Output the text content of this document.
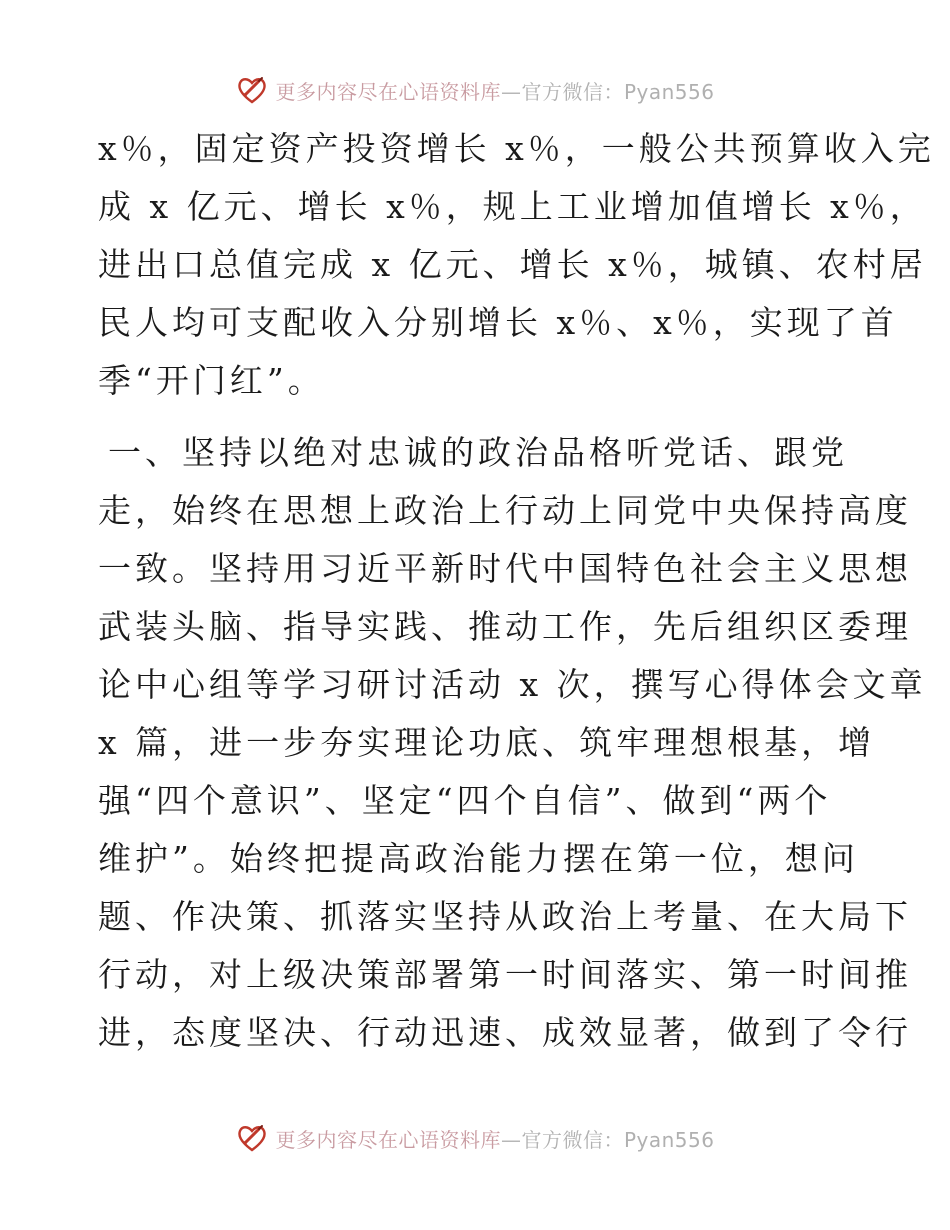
更多内容尽在心语资料库—官方微信：Pyan556
x％，固定资产投资增长 x％，一般公共预算收入完
成 x 亿元、增长 x％，规上工业增加值增长 x％，
进出口总值完成 x 亿元、增长 x％，城镇、农村居
民人均可支配收入分别增长 x％、x％，实现了首
季“开门红”。
一、坚持以绝对忠诚的政治品格听党话、跟党
走，始终在思想上政治上行动上同党中央保持高度
一致。坚持用习近平新时代中国特色社会主义思想
武装头脑、指导实践、推动工作，先后组织区委理
论中心组等学习研讨活动 x 次，撰写心得体会文章
x 篇，进一步夯实理论功底、筑牢理想根基，增
强“四个意识”、坚定“四个自信”、做到“两个
维护”。始终把提高政治能力摆在第一位，想问
题、作决策、抓落实坚持从政治上考量、在大局下
行动，对上级决策部署第一时间落实、第一时间推
进，态度坚决、行动迅速、成效显著，做到了令行
更多内容尽在心语资料库—官方微信：Pyan556
